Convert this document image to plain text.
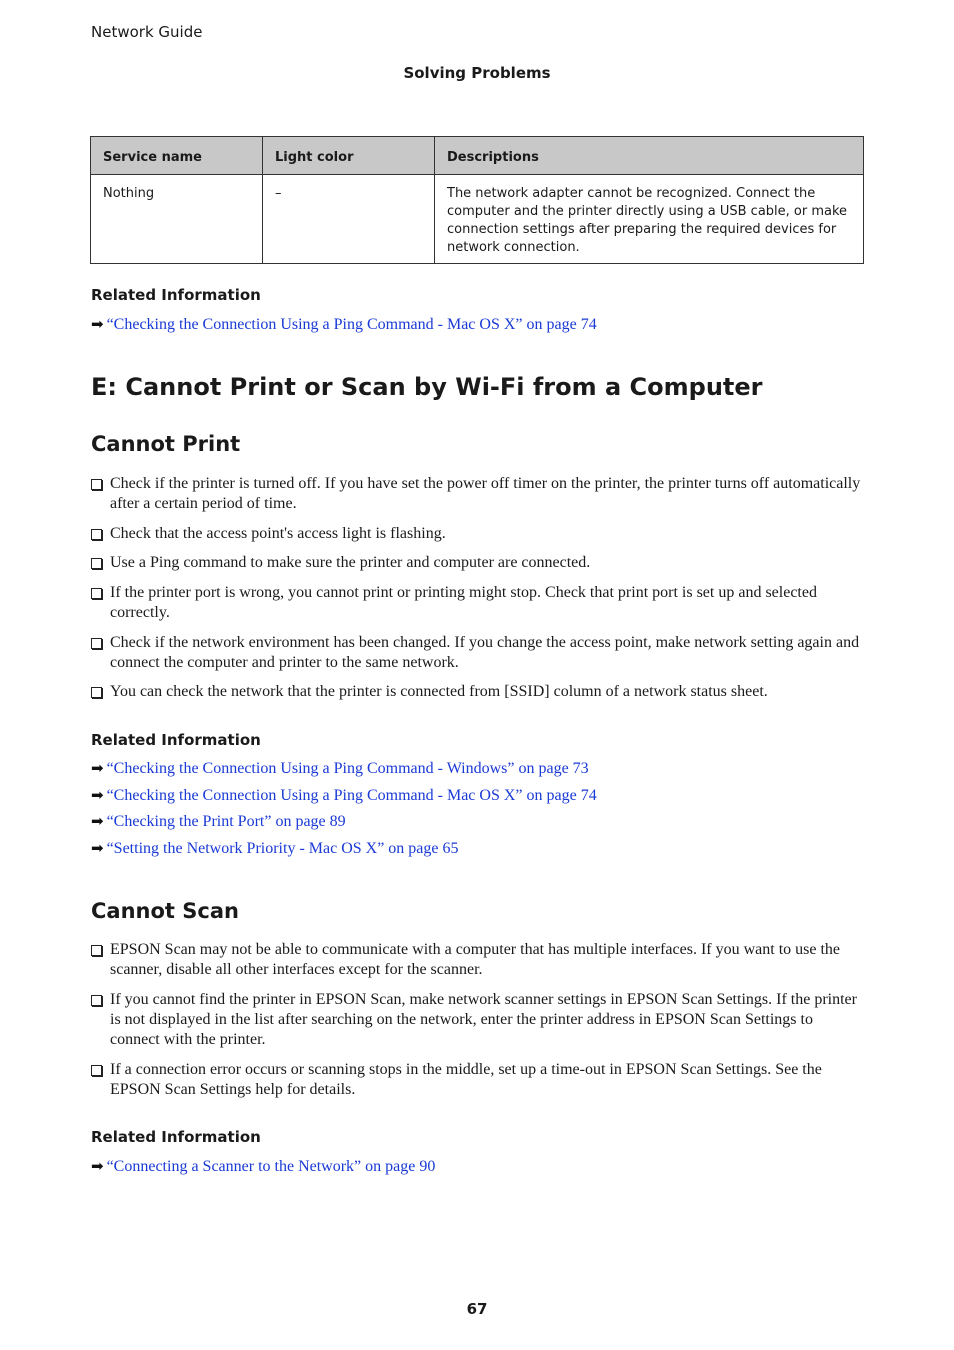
Network Guide
Solving Problems
Service name	Light color	Descriptions
Nothing	–	The network adapter cannot be recognized. Connect the computer and the printer directly using a USB cable, or make connection settings after preparing the required devices for network connection.
Related Information
➡ “Checking the Connection Using a Ping Command - Mac OS X” on page 74
E: Cannot Print or Scan by Wi-Fi from a Computer
Cannot Print
Check if the printer is turned off. If you have set the power off timer on the printer, the printer turns off automatically after a certain period of time.
Check that the access point's access light is flashing.
Use a Ping command to make sure the printer and computer are connected.
If the printer port is wrong, you cannot print or printing might stop. Check that print port is set up and selected correctly.
Check if the network environment has been changed. If you change the access point, make network setting again and connect the computer and printer to the same network.
You can check the network that the printer is connected from [SSID] column of a network status sheet.
Related Information
➡ “Checking the Connection Using a Ping Command - Windows” on page 73
➡ “Checking the Connection Using a Ping Command - Mac OS X” on page 74
➡ “Checking the Print Port” on page 89
➡ “Setting the Network Priority - Mac OS X” on page 65
Cannot Scan
EPSON Scan may not be able to communicate with a computer that has multiple interfaces. If you want to use the scanner, disable all other interfaces except for the scanner.
If you cannot find the printer in EPSON Scan, make network scanner settings in EPSON Scan Settings. If the printer is not displayed in the list after searching on the network, enter the printer address in EPSON Scan Settings to connect with the printer.
If a connection error occurs or scanning stops in the middle, set up a time-out in EPSON Scan Settings. See the EPSON Scan Settings help for details.
Related Information
➡ “Connecting a Scanner to the Network” on page 90
67
